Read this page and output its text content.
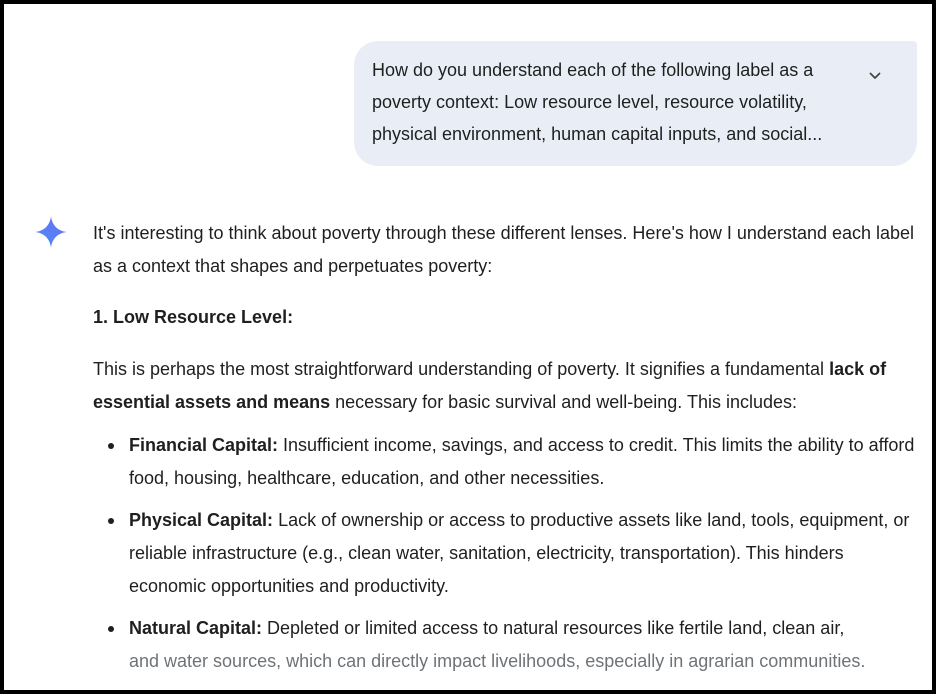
How do you understand each of the following label as a

poverty context: Low resource level, resource volatility,

physical environment, human capital inputs, and social...

It's interesting to think about poverty through these different lenses. Here's how I understand each label as a context that shapes and perpetuates poverty:

1. Low Resource Level:

This is perhaps the most straightforward understanding of poverty. It signifies a fundamental lack of essential assets and means necessary for basic survival and well-being. This includes:

Financial Capital: Insufficient income, savings, and access to credit. This limits the ability to afford food, housing, healthcare, education, and other necessities.
Physical Capital: Lack of ownership or access to productive assets like land, tools, equipment, or reliable infrastructure (e.g., clean water, sanitation, electricity, transportation). This hinders economic opportunities and productivity.
Natural Capital: Depleted or limited access to natural resources like fertile land, clean air,
and water sources, which can directly impact livelihoods, especially in agrarian communities.
